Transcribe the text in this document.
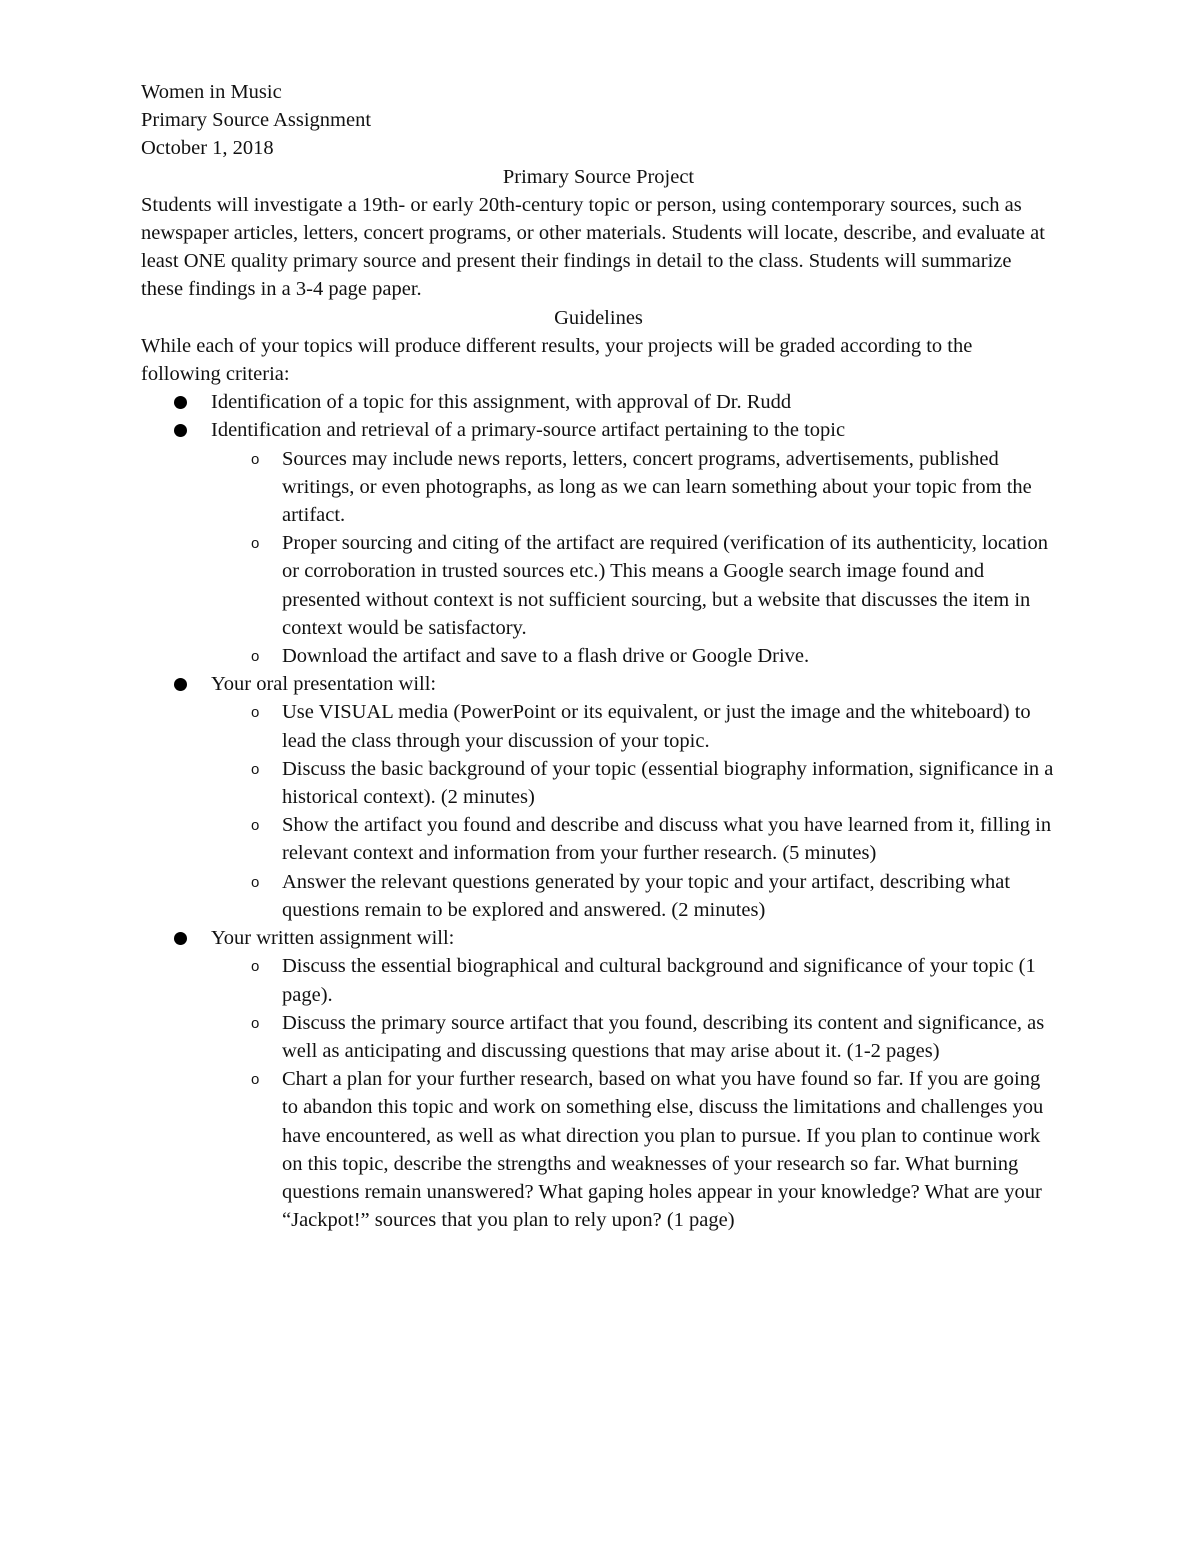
Women in Music
Primary Source Assignment
October 1, 2018
Primary Source Project

Students will investigate a 19th- or early 20th-century topic or person, using contemporary sources, such as newspaper articles, letters, concert programs, or other materials. Students will locate, describe, and evaluate at least ONE quality primary source and present their findings in detail to the class. Students will summarize these findings in a 3-4 page paper.

Guidelines

While each of your topics will produce different results, your projects will be graded according to the following criteria:

Identification of a topic for this assignment, with approval of Dr. Rudd
Identification and retrieval of a primary-source artifact pertaining to the topic
o Sources may include news reports, letters, concert programs, advertisements, published writings, or even photographs, as long as we can learn something about your topic from the artifact.
o Proper sourcing and citing of the artifact are required (verification of its authenticity, location or corroboration in trusted sources etc.) This means a Google search image found and presented without context is not sufficient sourcing, but a website that discusses the item in context would be satisfactory.
o Download the artifact and save to a flash drive or Google Drive.
Your oral presentation will:
o Use VISUAL media (PowerPoint or its equivalent, or just the image and the whiteboard) to lead the class through your discussion of your topic.
o Discuss the basic background of your topic (essential biography information, significance in a historical context). (2 minutes)
o Show the artifact you found and describe and discuss what you have learned from it, filling in relevant context and information from your further research. (5 minutes)
o Answer the relevant questions generated by your topic and your artifact, describing what questions remain to be explored and answered. (2 minutes)
Your written assignment will:
o Discuss the essential biographical and cultural background and significance of your topic (1 page).
o Discuss the primary source artifact that you found, describing its content and significance, as well as anticipating and discussing questions that may arise about it. (1-2 pages)
o Chart a plan for your further research, based on what you have found so far. If you are going to abandon this topic and work on something else, discuss the limitations and challenges you have encountered, as well as what direction you plan to pursue. If you plan to continue work on this topic, describe the strengths and weaknesses of your research so far. What burning questions remain unanswered? What gaping holes appear in your knowledge? What are your “Jackpot!” sources that you plan to rely upon? (1 page)
